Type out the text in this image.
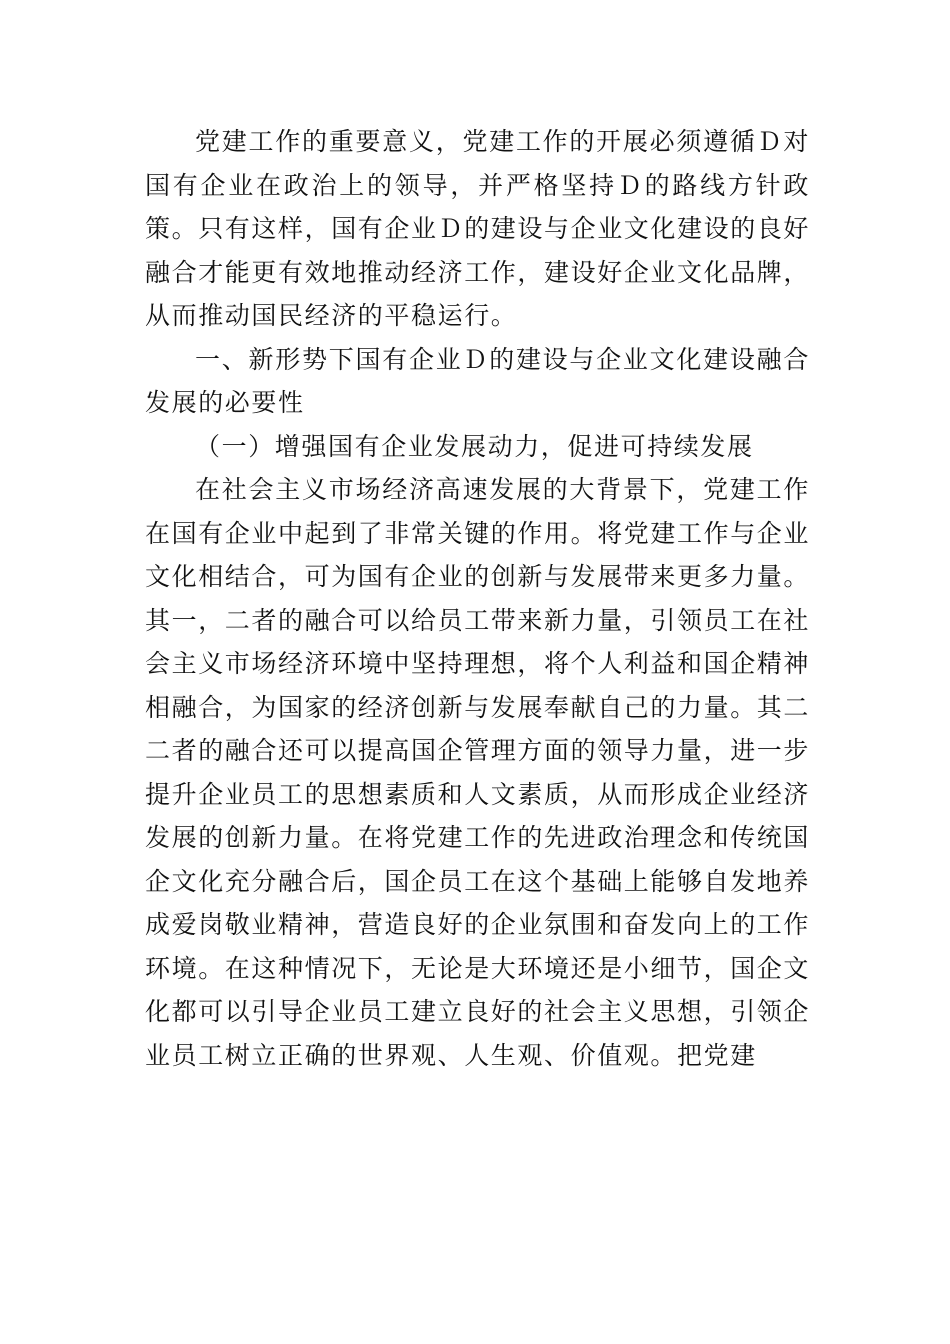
党建工作的重要意义，党建工作的开展必须遵循Ｄ对国有企业在政治上的领导，并严格坚持Ｄ的路线方针政策。只有这样，国有企业Ｄ的建设与企业文化建设的良好融合才能更有效地推动经济工作，建设好企业文化品牌，从而推动国民经济的平稳运行。

一、新形势下国有企业Ｄ的建设与企业文化建设融合发展的必要性

（一）增强国有企业发展动力，促进可持续发展

在社会主义市场经济高速发展的大背景下，党建工作在国有企业中起到了非常关键的作用。将党建工作与企业文化相结合，可为国有企业的创新与发展带来更多力量。其一，二者的融合可以给员工带来新力量，引领员工在社会主义市场经济环境中坚持理想，将个人利益和国企精神相融合，为国家的经济创新与发展奉献自己的力量。其二二者的融合还可以提高国企管理方面的领导力量，进一步提升企业员工的思想素质和人文素质，从而形成企业经济发展的创新力量。在将党建工作的先进政治理念和传统国企文化充分融合后，国企员工在这个基础上能够自发地养成爱岗敬业精神，营造良好的企业氛围和奋发向上的工作环境。在这种情况下，无论是大环境还是小细节，国企文化都可以引导企业员工建立良好的社会主义思想，引领企业员工树立正确的世界观、人生观、价值观。把党建
